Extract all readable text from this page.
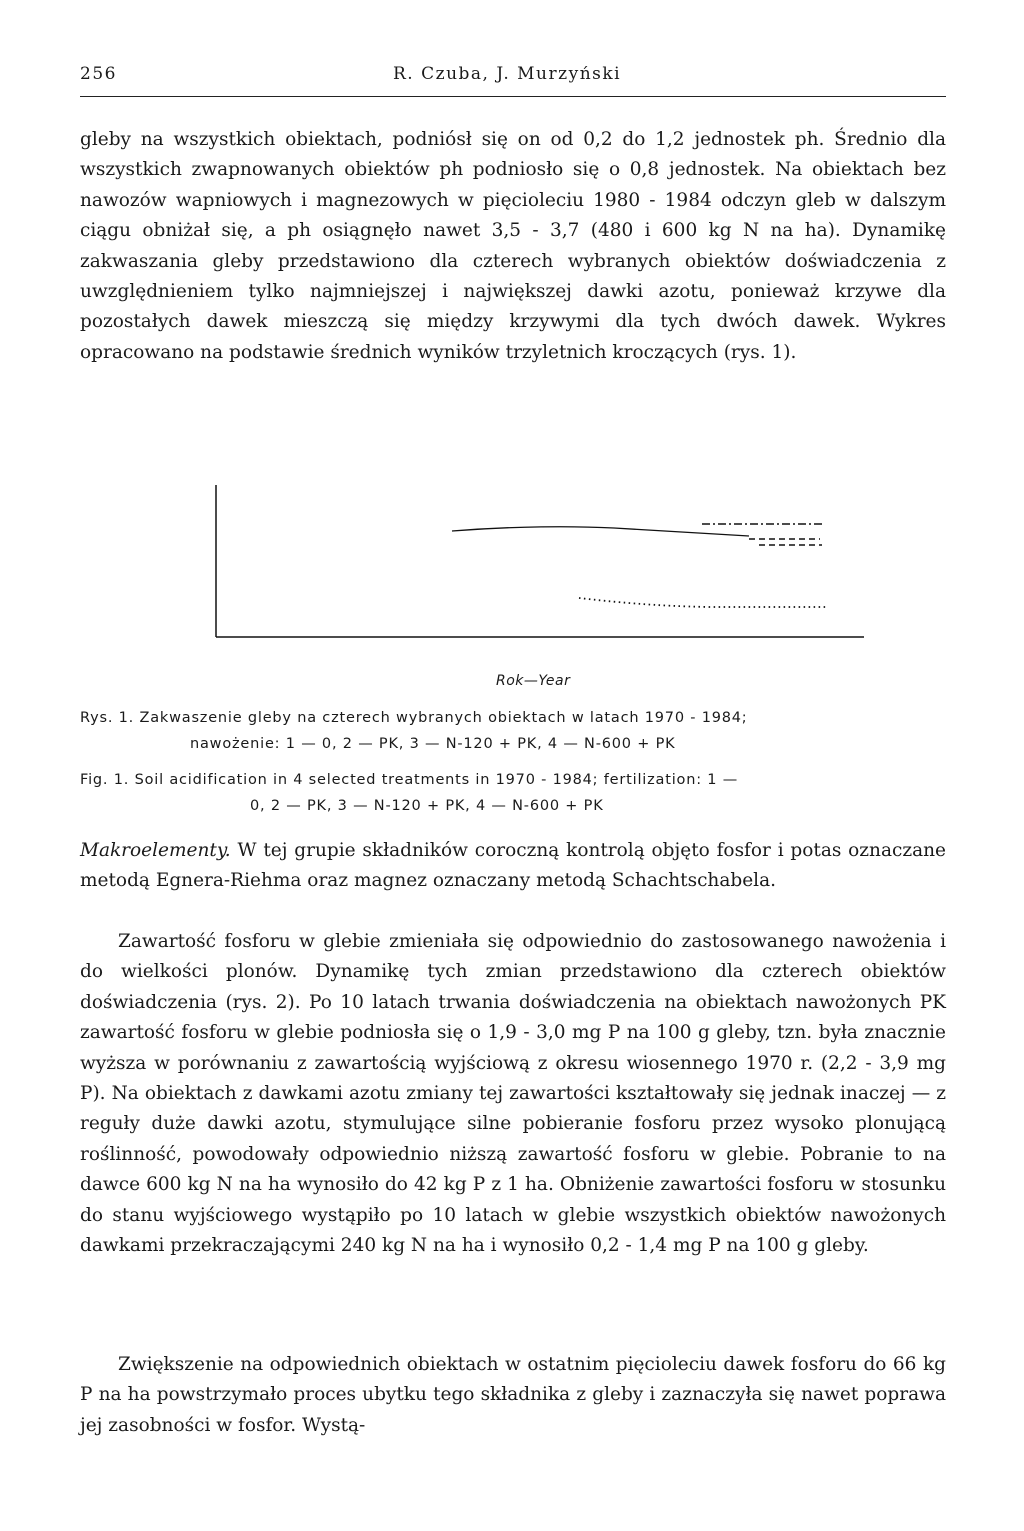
256	R. Czuba, J. Murzyński

gleby na wszystkich obiektach, podniósł się on od 0,2 do 1,2 jednostek ph. Średnio dla wszystkich zwapnowanych obiektów ph podniosło się o 0,8 jednostek. Na obiektach bez nawozów wapniowych i magnezowych w pięcioleciu 1980 - 1984 odczyn gleb w dalszym ciągu obniżał się, a ph osiągnęło nawet 3,5 - 3,7 (480 i 600 kg N na ha). Dynamikę zakwaszania gleby przedstawiono dla czterech wybranych obiektów doświadczenia z uwzględnieniem tylko najmniejszej i największej dawki azotu, ponieważ krzywe dla pozostałych dawek mieszczą się między krzywymi dla tych dwóch dawek. Wykres opracowano na podstawie średnich wyników trzyletnich kroczących (rys. 1).

Rok—Year
Rys. 1. Zakwaszenie gleby na czterech wybranych obiektach w latach 1970 - 1984;
nawożenie: 1 — 0, 2 — PK, 3 — N-120 + PK, 4 — N-600 + PK
Fig. 1. Soil acidification in 4 selected treatments in 1970 - 1984; fertilization: 1 —
0, 2 — PK, 3 — N-120 + PK, 4 — N-600 + PK

Makroelementy. W tej grupie składników coroczną kontrolą objęto fosfor i potas oznaczane metodą Egnera-Riehma oraz magnez oznaczany metodą Schachtschabela.

Zawartość fosforu w glebie zmieniała się odpowiednio do zastosowanego nawożenia i do wielkości plonów. Dynamikę tych zmian przedstawiono dla czterech obiektów doświadczenia (rys. 2). Po 10 latach trwania doświadczenia na obiektach nawożonych PK zawartość fosforu w glebie podniosła się o 1,9 - 3,0 mg P na 100 g gleby, tzn. była znacznie wyższa w porównaniu z zawartością wyjściową z okresu wiosennego 1970 r. (2,2 - 3,9 mg P). Na obiektach z dawkami azotu zmiany tej zawartości kształtowały się jednak inaczej — z reguły duże dawki azotu, stymulujące silne pobieranie fosforu przez wysoko plonującą roślinność, powodowały odpowiednio niższą zawartość fosforu w glebie. Pobranie to na dawce 600 kg N na ha wynosiło do 42 kg P z 1 ha. Obniżenie zawartości fosforu w stosunku do stanu wyjściowego wystąpiło po 10 latach w glebie wszystkich obiektów nawożonych dawkami przekraczającymi 240 kg N na ha i wynosiło 0,2 - 1,4 mg P na 100 g gleby.

Zwiększenie na odpowiednich obiektach w ostatnim pięcioleciu dawek fosforu do 66 kg P na ha powstrzymało proces ubytku tego składnika z gleby i zaznaczyła się nawet poprawa jej zasobności w fosfor. Wystą-
